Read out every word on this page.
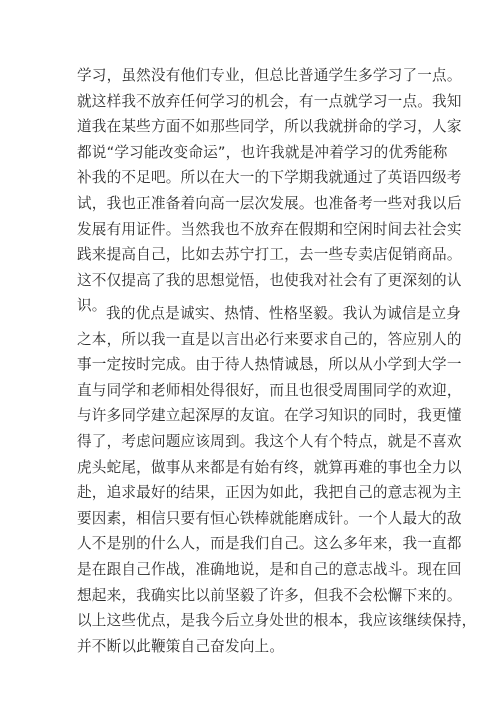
学习，虽然没有他们专业，但总比普通学生多学习了一点。
就这样我不放弃任何学习的机会，有一点就学习一点。我知
道我在某些方面不如那些同学，所以我就拼命的学习，人家
都说“学习能改变命运”，也许我就是冲着学习的优秀能称
补我的不足吧。所以在大一的下学期我就通过了英语四级考
试，我也正准备着向高一层次发展。也准备考一些对我以后
发展有用证件。当然我也不放弃在假期和空闲时间去社会实
践来提高自己，比如去苏宁打工，去一些专卖店促销商品。
这不仅提高了我的思想觉悟，也使我对社会有了更深刻的认
识。 我的优点是诚实、热情、性格坚毅。我认为诚信是立身
之本，所以我一直是以言出必行来要求自己的，答应别人的
事一定按时完成。由于待人热情诚恳，所以从小学到大学一
直与同学和老师相处得很好，而且也很受周围同学的欢迎，
与许多同学建立起深厚的友谊。在学习知识的同时，我更懂
得了，考虑问题应该周到。我这个人有个特点，就是不喜欢
虎头蛇尾，做事从来都是有始有终，就算再难的事也全力以
赴，追求最好的结果，正因为如此，我把自己的意志视为主
要因素，相信只要有恒心铁棒就能磨成针。一个人最大的敌
人不是别的什么人，而是我们自己。这么多年来，我一直都
是在跟自己作战，准确地说，是和自己的意志战斗。现在回
想起来，我确实比以前坚毅了许多，但我不会松懈下来的。
以上这些优点，是我今后立身处世的根本，我应该继续保持，
并不断以此鞭策自己奋发向上。
